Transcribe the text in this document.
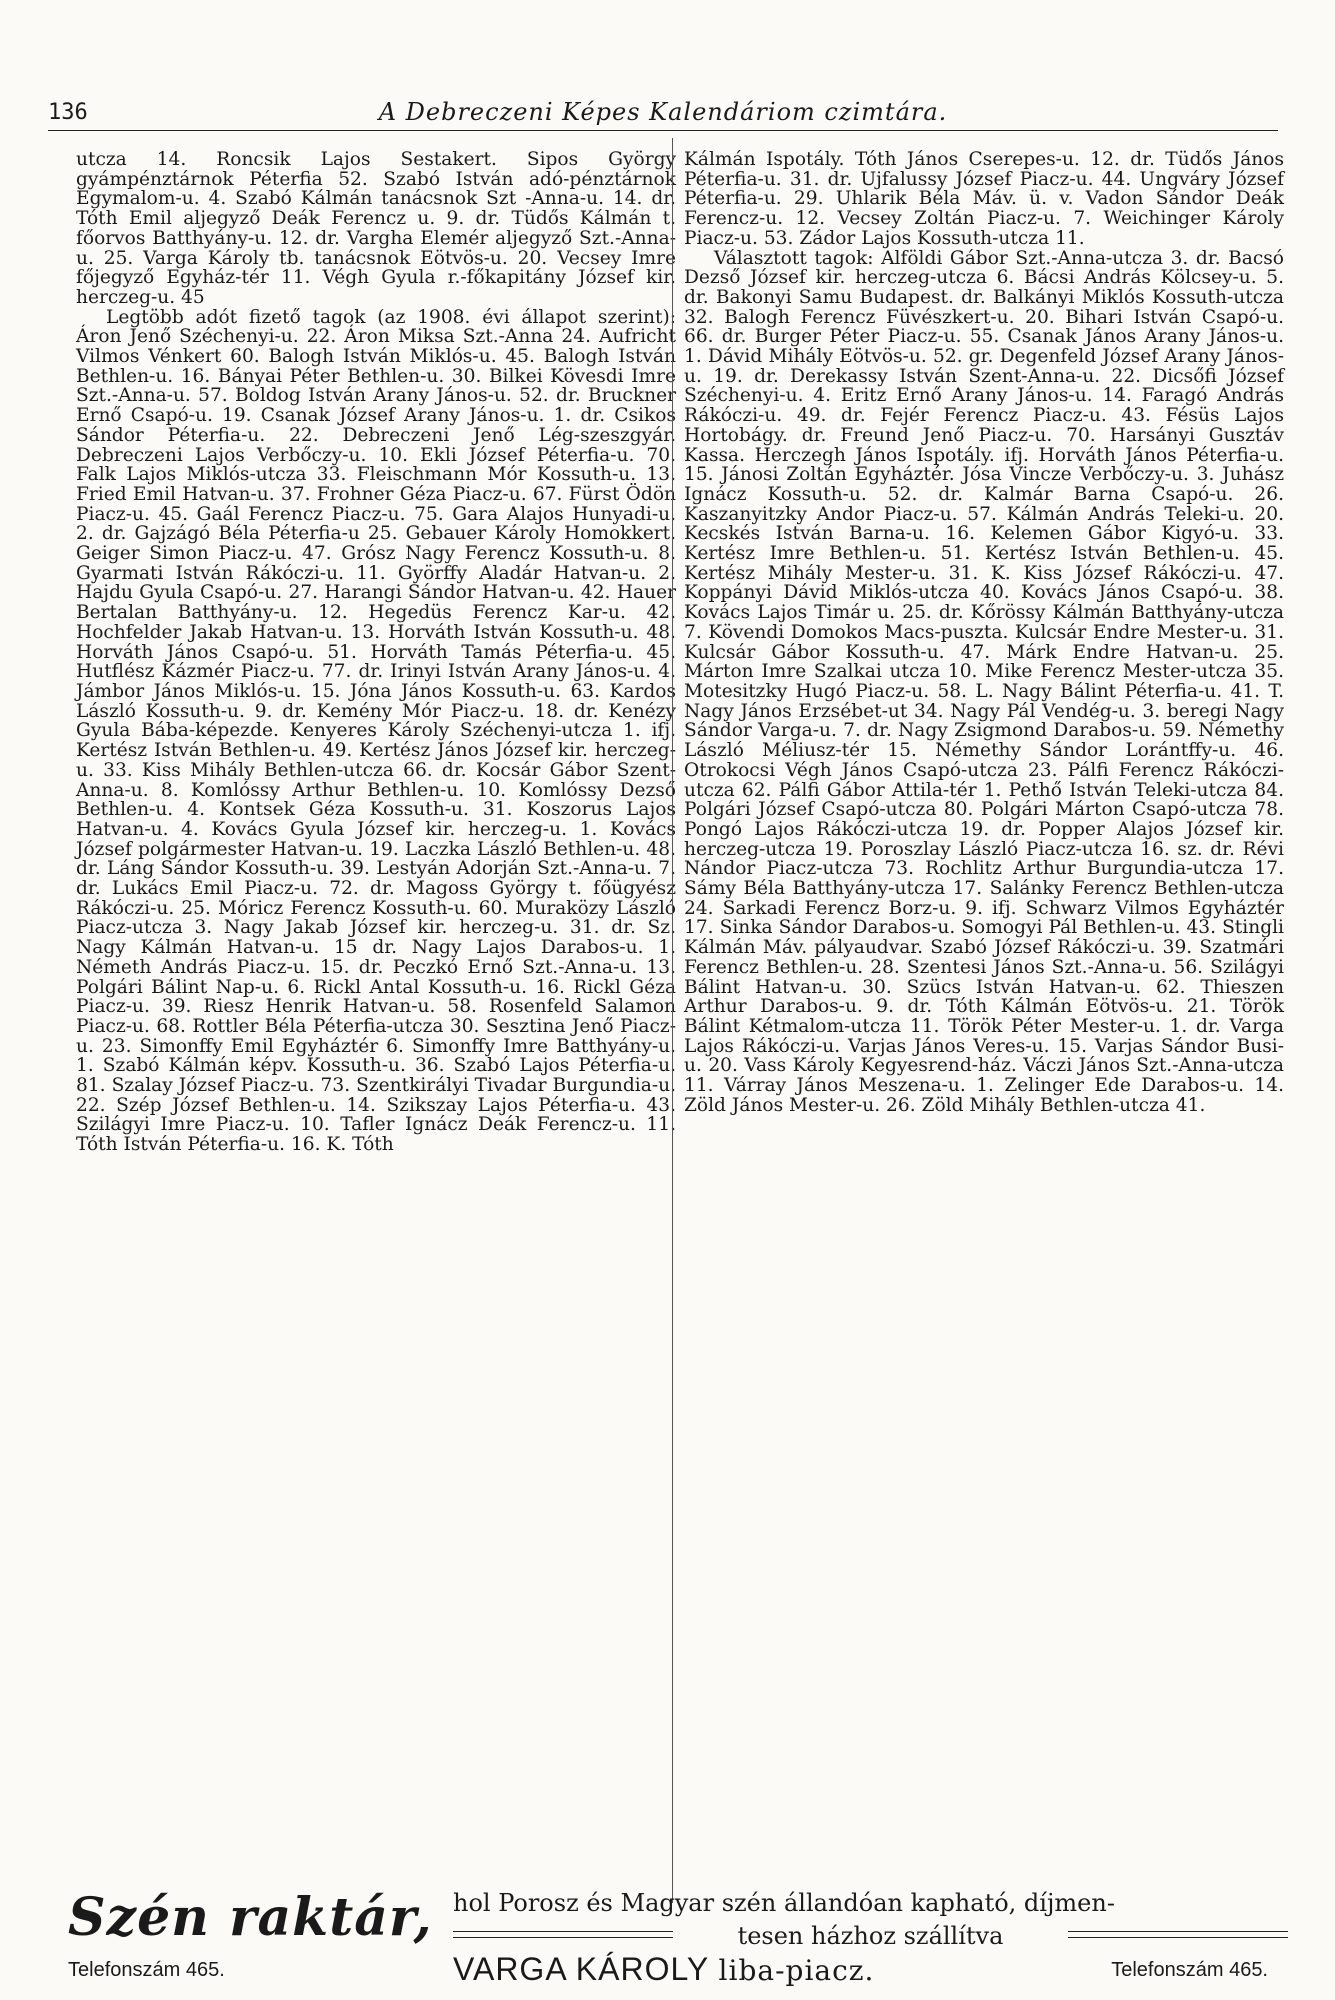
136	A Debreczeni Képes Kalendáriom czimtára.

utcza 14. Roncsik Lajos Sestakert. Sipos György gyámpénztárnok Péterfia 52. Szabó István adó-pénztárnok Egymalom-u. 4. Szabó Kálmán tanácsnok Szt -Anna-u. 14. dr. Tóth Emil aljegyző Deák Ferencz u. 9. dr. Tüdős Kálmán t. főorvos Batthyány-u. 12. dr. Vargha Elemér aljegyző Szt.-Anna-u. 25. Varga Károly tb. tanácsnok Eötvös-u. 20. Vecsey Imre főjegyző Egyház-tér 11. Végh Gyula r.-főkapitány József kir. herczeg-u. 45

Legtöbb adót fizető tagok (az 1908. évi állapot szerint): Áron Jenő Széchenyi-u. 22. Áron Miksa Szt.-Anna 24. Aufricht Vilmos Vénkert 60. Balogh István Miklós-u. 45. Balogh István Bethlen-u. 16. Bányai Péter Bethlen-u. 30. Bilkei Kövesdi Imre Szt.-Anna-u. 57. Boldog István Arany János-u. 52. dr. Bruckner Ernő Csapó-u. 19. Csanak József Arany János-u. 1. dr. Csikos Sándor Péterfia-u. 22. Debreczeni Jenő Lég-szeszgyár. Debreczeni Lajos Verbőczy-u. 10. Ekli József Péterfia-u. 70. Falk Lajos Miklós-utcza 33. Fleischmann Mór Kossuth-u. 13. Fried Emil Hatvan-u. 37. Frohner Géza Piacz-u. 67. Fürst Ödön Piacz-u. 45. Gaál Ferencz Piacz-u. 75. Gara Alajos Hunyadi-u. 2. dr. Gajzágó Béla Péterfia-u 25. Gebauer Károly Homokkert. Geiger Simon Piacz-u. 47. Grósz Nagy Ferencz Kossuth-u. 8. Gyarmati István Rákóczi-u. 11. Györffy Aladár Hatvan-u. 2. Hajdu Gyula Csapó-u. 27. Harangi Sándor Hatvan-u. 42. Hauer Bertalan Batthyány-u. 12. Hegedüs Ferencz Kar-u. 42. Hochfelder Jakab Hatvan-u. 13. Horváth István Kossuth-u. 48. Horváth János Csapó-u. 51. Horváth Tamás Péterfia-u. 45. Hutflész Kázmér Piacz-u. 77. dr. Irinyi István Arany János-u. 4. Jámbor János Miklós-u. 15. Jóna János Kossuth-u. 63. Kardos László Kossuth-u. 9. dr. Kemény Mór Piacz-u. 18. dr. Kenézy Gyula Bába-képezde. Kenyeres Károly Széchenyi-utcza 1. ifj. Kertész István Bethlen-u. 49. Kertész János József kir. herczeg-u. 33. Kiss Mihály Bethlen-utcza 66. dr. Kocsár Gábor Szent-Anna-u. 8. Komlóssy Arthur Bethlen-u. 10. Komlóssy Dezső Bethlen-u. 4. Kontsek Géza Kossuth-u. 31. Koszorus Lajos Hatvan-u. 4. Kovács Gyula József kir. herczeg-u. 1. Kovács József polgármester Hatvan-u. 19. Laczka László Bethlen-u. 48. dr. Láng Sándor Kossuth-u. 39. Lestyán Adorján Szt.-Anna-u. 7. dr. Lukács Emil Piacz-u. 72. dr. Magoss György t. főügyész Rákóczi-u. 25. Móricz Ferencz Kossuth-u. 60. Muraközy László Piacz-utcza 3. Nagy Jakab József kir. herczeg-u. 31. dr. Sz. Nagy Kálmán Hatvan-u. 15 dr. Nagy Lajos Darabos-u. 1. Németh András Piacz-u. 15. dr. Peczkó Ernő Szt.-Anna-u. 13. Polgári Bálint Nap-u. 6. Rickl Antal Kossuth-u. 16. Rickl Géza Piacz-u. 39. Riesz Henrik Hatvan-u. 58. Rosenfeld Salamon Piacz-u. 68. Rottler Béla Péterfia-utcza 30. Sesztina Jenő Piacz-u. 23. Simonffy Emil Egyháztér 6. Simonffy Imre Batthyány-u. 1. Szabó Kálmán képv. Kossuth-u. 36. Szabó Lajos Péterfia-u. 81. Szalay József Piacz-u. 73. Szentkirályi Tivadar Burgundia-u. 22. Szép József Bethlen-u. 14. Szikszay Lajos Péterfia-u. 43. Szilágyi Imre Piacz-u. 10. Tafler Ignácz Deák Ferencz-u. 11. Tóth István Péterfia-u. 16. K. Tóth

Kálmán Ispotály. Tóth János Cserepes-u. 12. dr. Tüdős János Péterfia-u. 31. dr. Ujfalussy József Piacz-u. 44. Ungváry József Péterfia-u. 29. Uhlarik Béla Máv. ü. v. Vadon Sándor Deák Ferencz-u. 12. Vecsey Zoltán Piacz-u. 7. Weichinger Károly Piacz-u. 53. Zádor Lajos Kossuth-utcza 11.

Választott tagok: Alföldi Gábor Szt.-Anna-utcza 3. dr. Bacsó Dezső József kir. herczeg-utcza 6. Bácsi András Kölcsey-u. 5. dr. Bakonyi Samu Budapest. dr. Balkányi Miklós Kossuth-utcza 32. Balogh Ferencz Füvészkert-u. 20. Bihari István Csapó-u. 66. dr. Burger Péter Piacz-u. 55. Csanak János Arany János-u. 1. Dávid Mihály Eötvös-u. 52. gr. Degenfeld József Arany János-u. 19. dr. Derekassy István Szent-Anna-u. 22. Dicsőfi József Széchenyi-u. 4. Eritz Ernő Arany János-u. 14. Faragó András Rákóczi-u. 49. dr. Fejér Ferencz Piacz-u. 43. Fésüs Lajos Hortobágy. dr. Freund Jenő Piacz-u. 70. Harsányi Gusztáv Kassa. Herczegh János Ispotály. ifj. Horváth János Péterfia-u. 15. Jánosi Zoltán Egyháztér. Jósa Vincze Verbőczy-u. 3. Juhász Ignácz Kossuth-u. 52. dr. Kalmár Barna Csapó-u. 26. Kaszanyitzky Andor Piacz-u. 57. Kálmán András Teleki-u. 20. Kecskés István Barna-u. 16. Kelemen Gábor Kigyó-u. 33. Kertész Imre Bethlen-u. 51. Kertész István Bethlen-u. 45. Kertész Mihály Mester-u. 31. K. Kiss József Rákóczi-u. 47. Koppányi Dávid Miklós-utcza 40. Kovács János Csapó-u. 38. Kovács Lajos Timár u. 25. dr. Kőrössy Kálmán Batthyány-utcza 7. Kövendi Domokos Macs-puszta. Kulcsár Endre Mester-u. 31. Kulcsár Gábor Kossuth-u. 47. Márk Endre Hatvan-u. 25. Márton Imre Szalkai utcza 10. Mike Ferencz Mester-utcza 35. Motesitzky Hugó Piacz-u. 58. L. Nagy Bálint Péterfia-u. 41. T. Nagy János Erzsébet-ut 34. Nagy Pál Vendég-u. 3. beregi Nagy Sándor Varga-u. 7. dr. Nagy Zsigmond Darabos-u. 59. Némethy László Méliusz-tér 15. Némethy Sándor Lorántffy-u. 46. Otrokocsi Végh János Csapó-utcza 23. Pálfi Ferencz Rákóczi-utcza 62. Pálfi Gábor Attila-tér 1. Pethő István Teleki-utcza 84. Polgári József Csapó-utcza 80. Polgári Márton Csapó-utcza 78. Pongó Lajos Rákóczi-utcza 19. dr. Popper Alajos József kir. herczeg-utcza 19. Poroszlay László Piacz-utcza 16. sz. dr. Révi Nándor Piacz-utcza 73. Rochlitz Arthur Burgundia-utcza 17. Sámy Béla Batthyány-utcza 17. Salánky Ferencz Bethlen-utcza 24. Sarkadi Ferencz Borz-u. 9. ifj. Schwarz Vilmos Egyháztér 17. Sinka Sándor Darabos-u. Somogyi Pál Bethlen-u. 43. Stingli Kálmán Máv. pályaudvar. Szabó József Rákóczi-u. 39. Szatmári Ferencz Bethlen-u. 28. Szentesi János Szt.-Anna-u. 56. Szilágyi Bálint Hatvan-u. 30. Szücs István Hatvan-u. 62. Thieszen Arthur Darabos-u. 9. dr. Tóth Kálmán Eötvös-u. 21. Török Bálint Kétmalom-utcza 11. Török Péter Mester-u. 1. dr. Varga Lajos Rákóczi-u. Varjas János Veres-u. 15. Varjas Sándor Busi-u. 20. Vass Károly Kegyesrend-ház. Váczi János Szt.-Anna-utcza 11. Várray János Meszena-u. 1. Zelinger Ede Darabos-u. 14. Zöld János Mester-u. 26. Zöld Mihály Bethlen-utcza 41.

Szén raktár, hol Porosz és Magyar szén állandóan kapható, díjmen-
tesen házhoz szállítva
Telefonszám 465.	VARGA KÁROLY liba-piacz.	Telefonszám 465.
